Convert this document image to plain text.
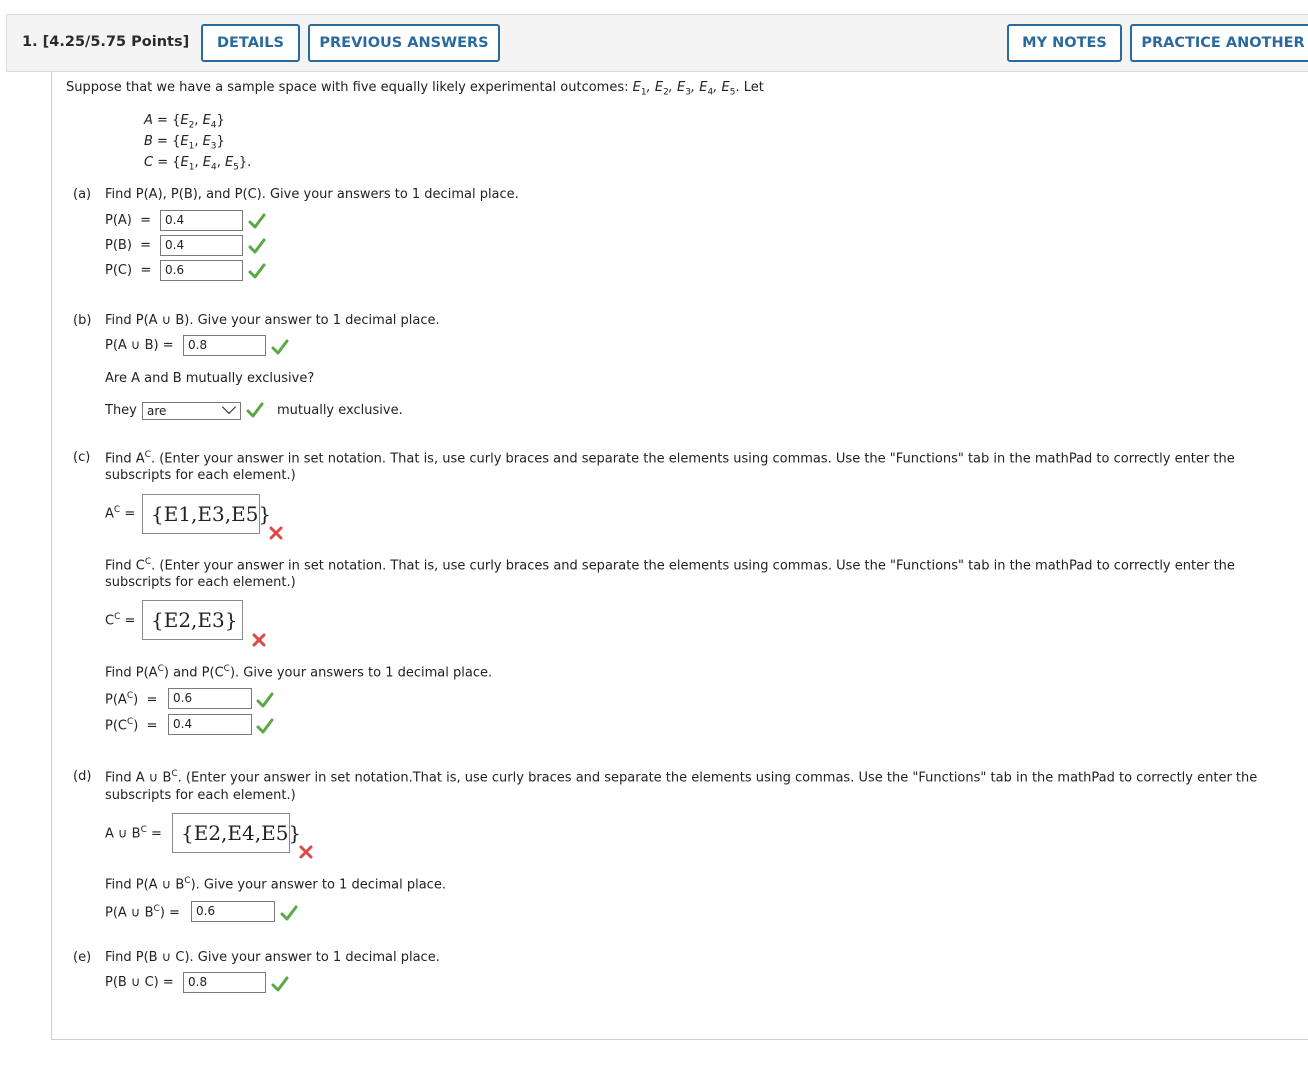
1. [4.25/5.75 Points]	DETAILS	PREVIOUS ANSWERS	MY NOTES	PRACTICE ANOTHER
Suppose that we have a sample space with five equally likely experimental outcomes: $E_1$, $E_2$, $E_3$, $E_4$, $E_5$. Let
$A = \{E_2$, $E_4$}
$B = \{E_1$, $E_3$}
$C = \{E_1$, $E_4$, $E_5$}.
(a) Find P(A), P(B), and P(C). Give your answers to 1 decimal place.
P(A)  =	0.4
P(B)  =	0.4
P(C)  =	0.6
(b) Find P(A ∪ B). Give your answer to 1 decimal place.
P(A ∪ B) =	0.8
Are A and B mutually exclusive?
They are	mutually exclusive.
(c) Find $A^C$. (Enter your answer in set notation. That is, use curly braces and separate the elements using commas. Use the "Functions" tab in the mathPad to correctly enter the
subscripts for each element.)
$A^C = \{E1,E3,E5\}$
Find $C^C$. (Enter your answer in set notation. That is, use curly braces and separate the elements using commas. Use the "Functions" tab in the mathPad to correctly enter the
subscripts for each element.)
$C^C = \{E2,E3\}$
Find $P(A^C)$ and $P(C^C)$. Give your answers to 1 decimal place.
$P(A^C)$  =	0.6
$P(C^C)$  =	0.4
(d) Find A ∪ $B^C$. (Enter your answer in set notation.That is, use curly braces and separate the elements using commas. Use the "Functions" tab in the mathPad to correctly enter the
subscripts for each element.)
A ∪ $B^C = \{E2,E4,E5\}$
Find P(A ∪ $B^C$). Give your answer to 1 decimal place.
P(A ∪ $B^C$) =	0.6
(e) Find P(B ∪ C). Give your answer to 1 decimal place.
P(B ∪ C) =	0.8
